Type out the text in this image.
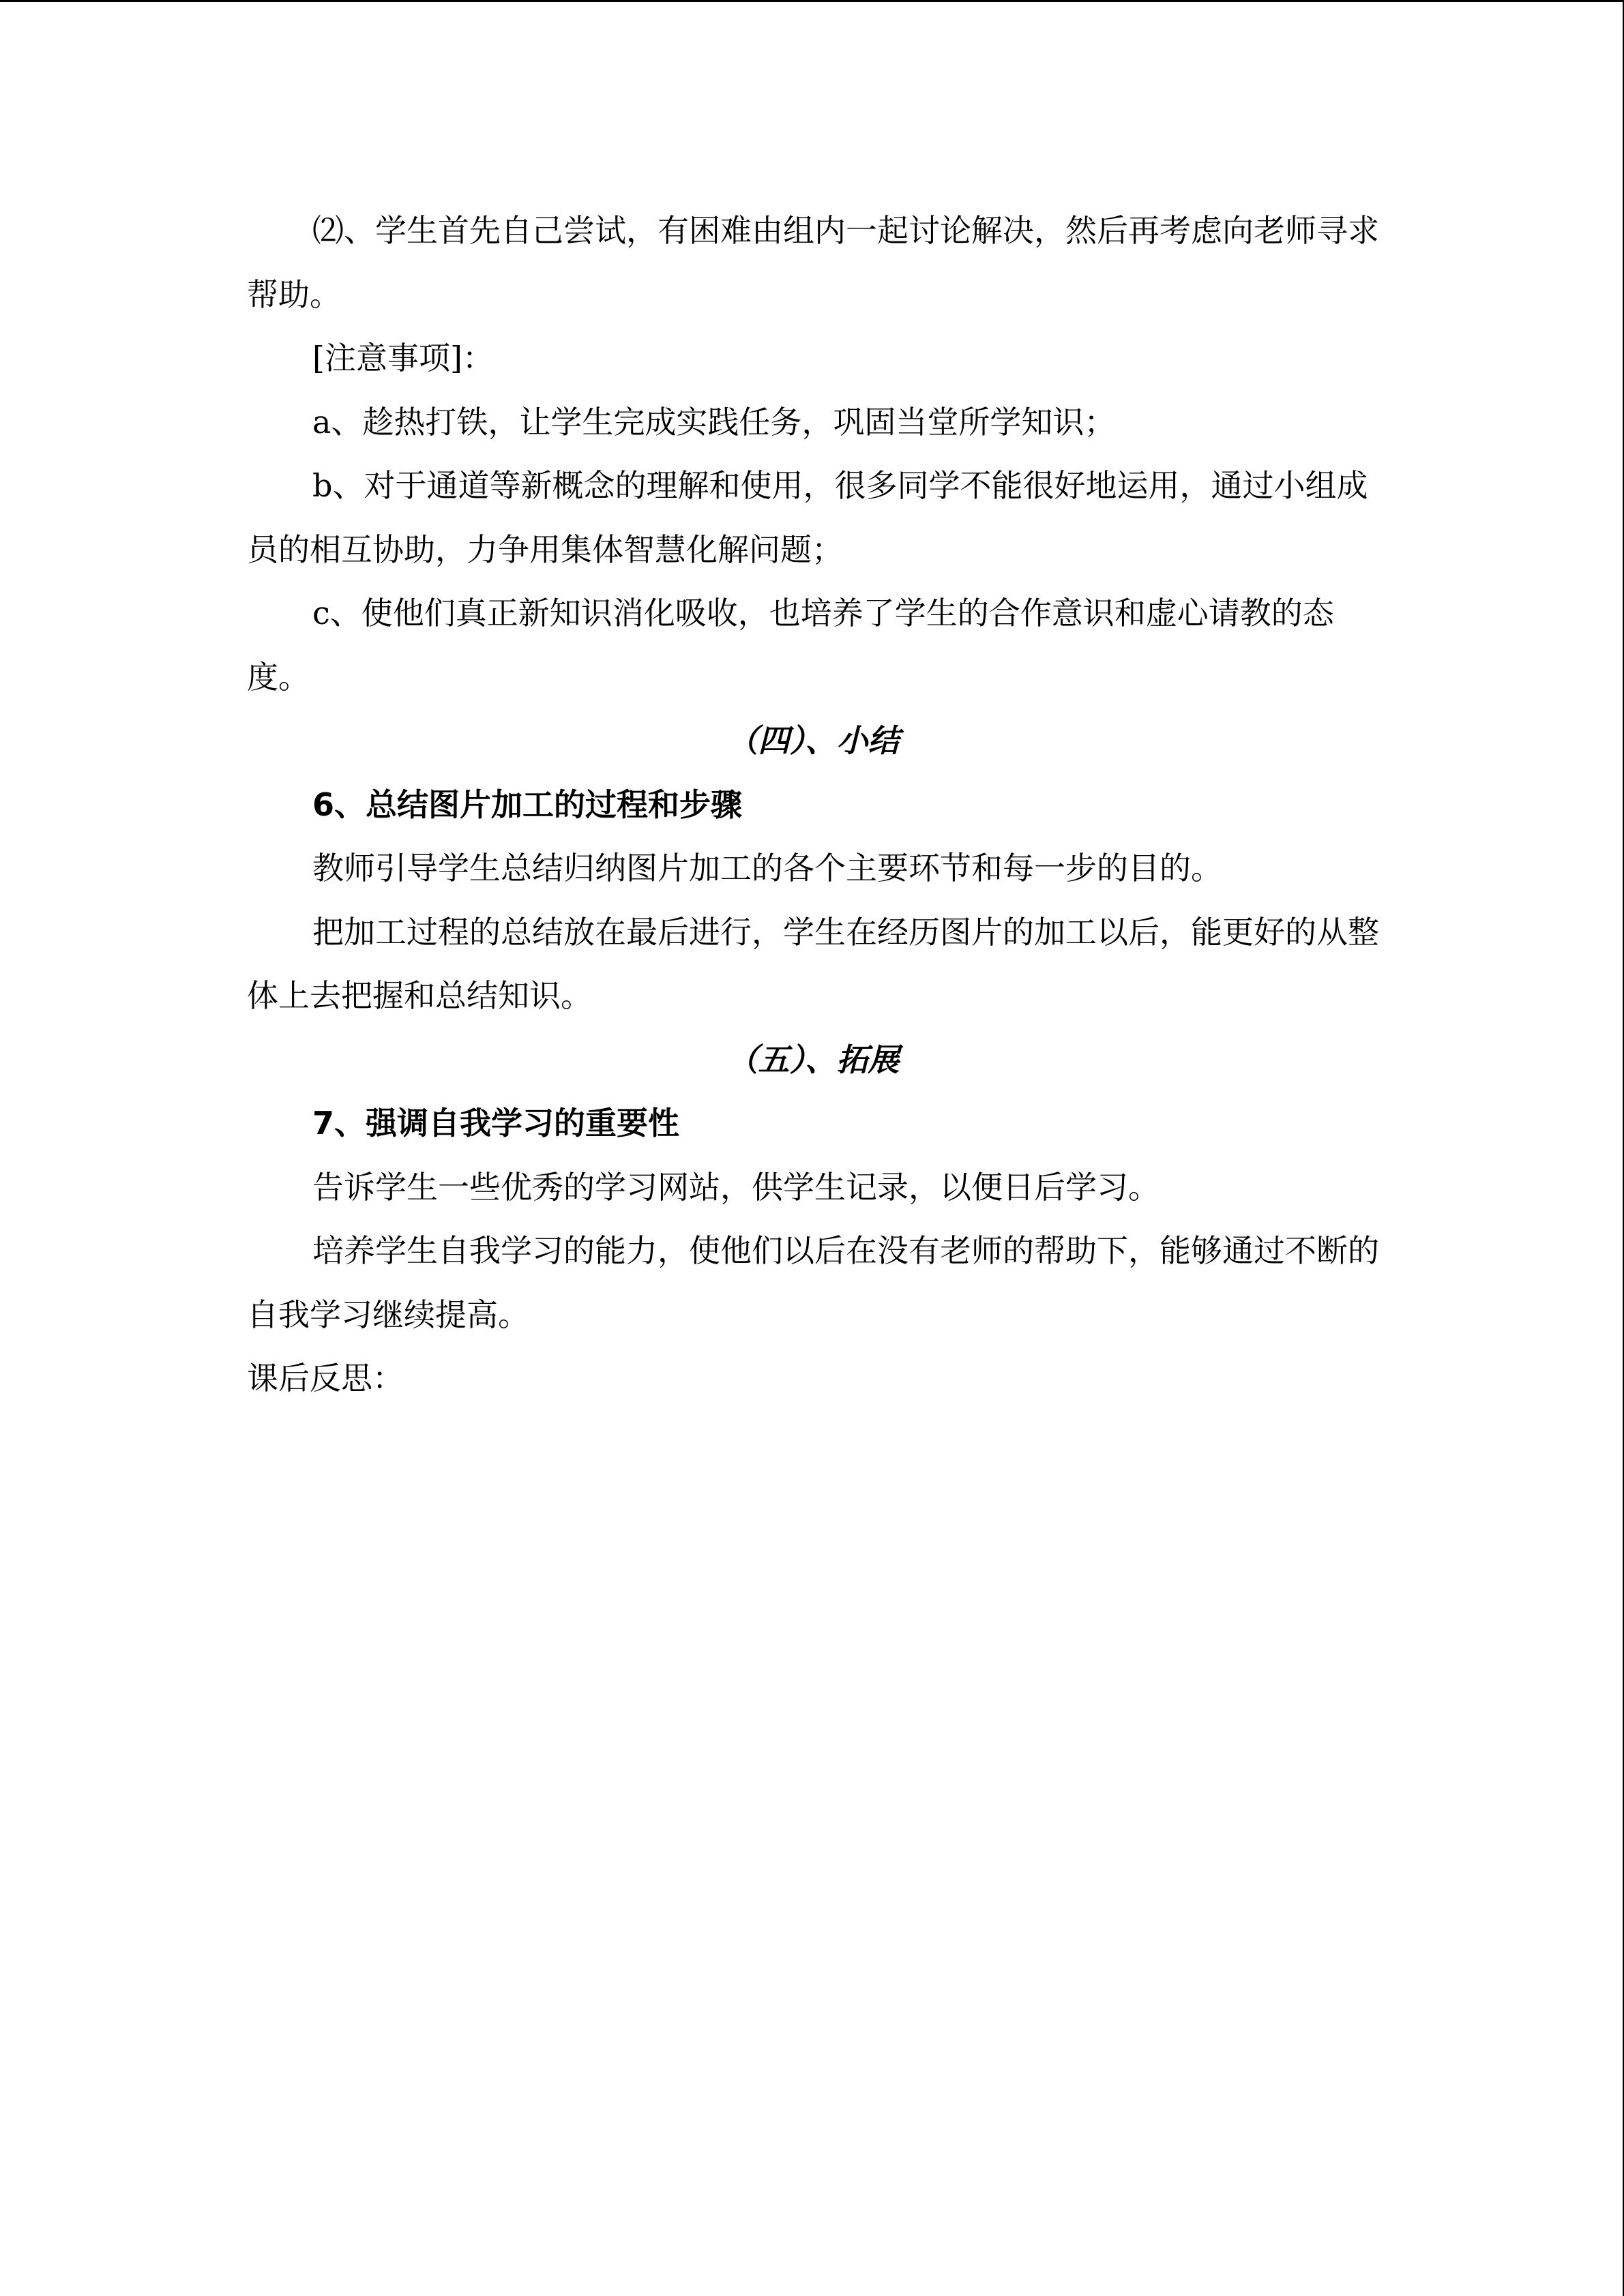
⑵、学生首先自己尝试，有困难由组内一起讨论解决，然后再考虑向老师寻求帮助。

[注意事项]：

a、趁热打铁，让学生完成实践任务，巩固当堂所学知识；

b、对于通道等新概念的理解和使用，很多同学不能很好地运用，通过小组成员的相互协助，力争用集体智慧化解问题；

c、使他们真正新知识消化吸收，也培养了学生的合作意识和虚心请教的态度。

（四）、小结

6、总结图片加工的过程和步骤

教师引导学生总结归纳图片加工的各个主要环节和每一步的目的。

把加工过程的总结放在最后进行，学生在经历图片的加工以后，能更好的从整体上去把握和总结知识。

（五）、拓展

7、强调自我学习的重要性

告诉学生一些优秀的学习网站，供学生记录，以便日后学习。

培养学生自我学习的能力，使他们以后在没有老师的帮助下，能够通过不断的自我学习继续提高。

课后反思：
